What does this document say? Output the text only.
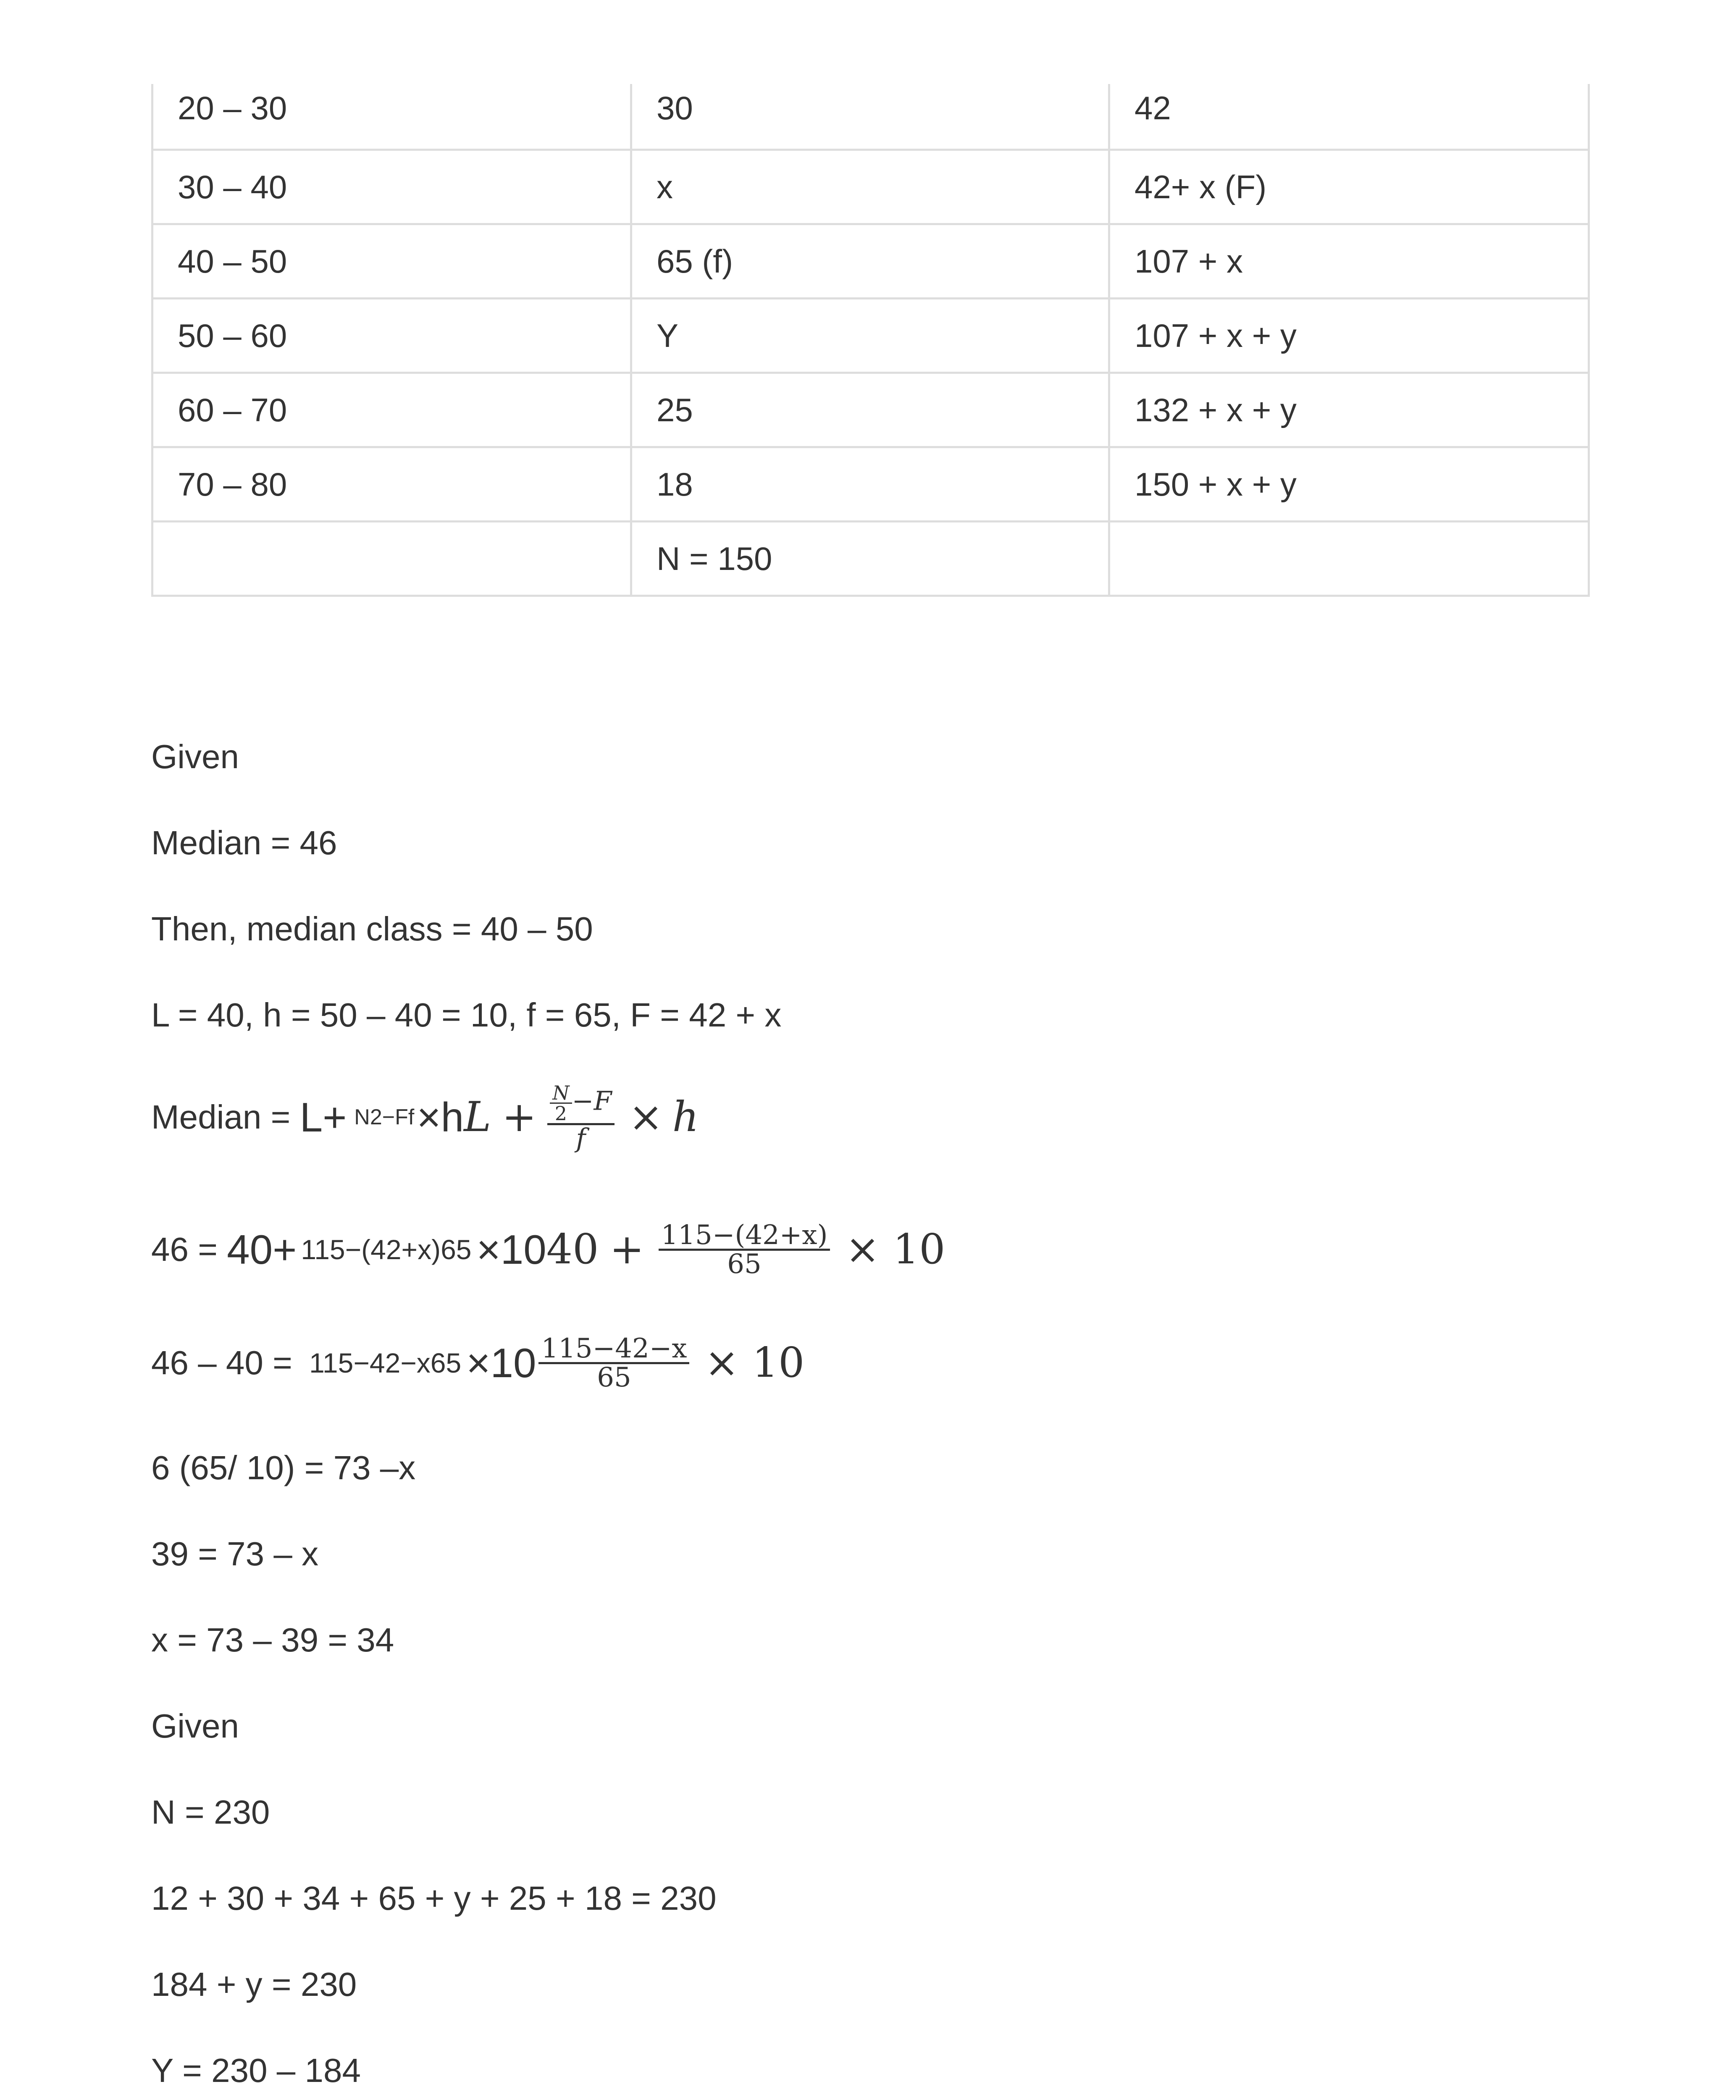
20 – 30	30	42
30 – 40	x	42+ x (F)
40 – 50	65 (f)	107 + x
50 – 60	Y	107 + x + y
60 – 70	25	132 + x + y
70 – 80	18	150 + x + y
	N = 150	
Given
Median = 46
Then, median class = 40 – 50
L = 40, h = 50 – 40 = 10, f = 65, F = 42 + x
Median = L+ N2−Ff ×h $L + \frac{\frac{N}{2} -F}{f} \times h$
46 = 40+ 115−(42+x)65 ×10 $40 + \frac{115-(42+x)}{65} \times 10$
$46 - 40 = 115-42-x65 \times 10 \frac{115-42-x}{65} \times 10$
6 (65/ 10) = 73 –x
39 = 73 – x
x = 73 – 39 = 34
Given
N = 230
12 + 30 + 34 + 65 + y + 25 + 18 = 230
184 + y = 230
Y = 230 – 184
